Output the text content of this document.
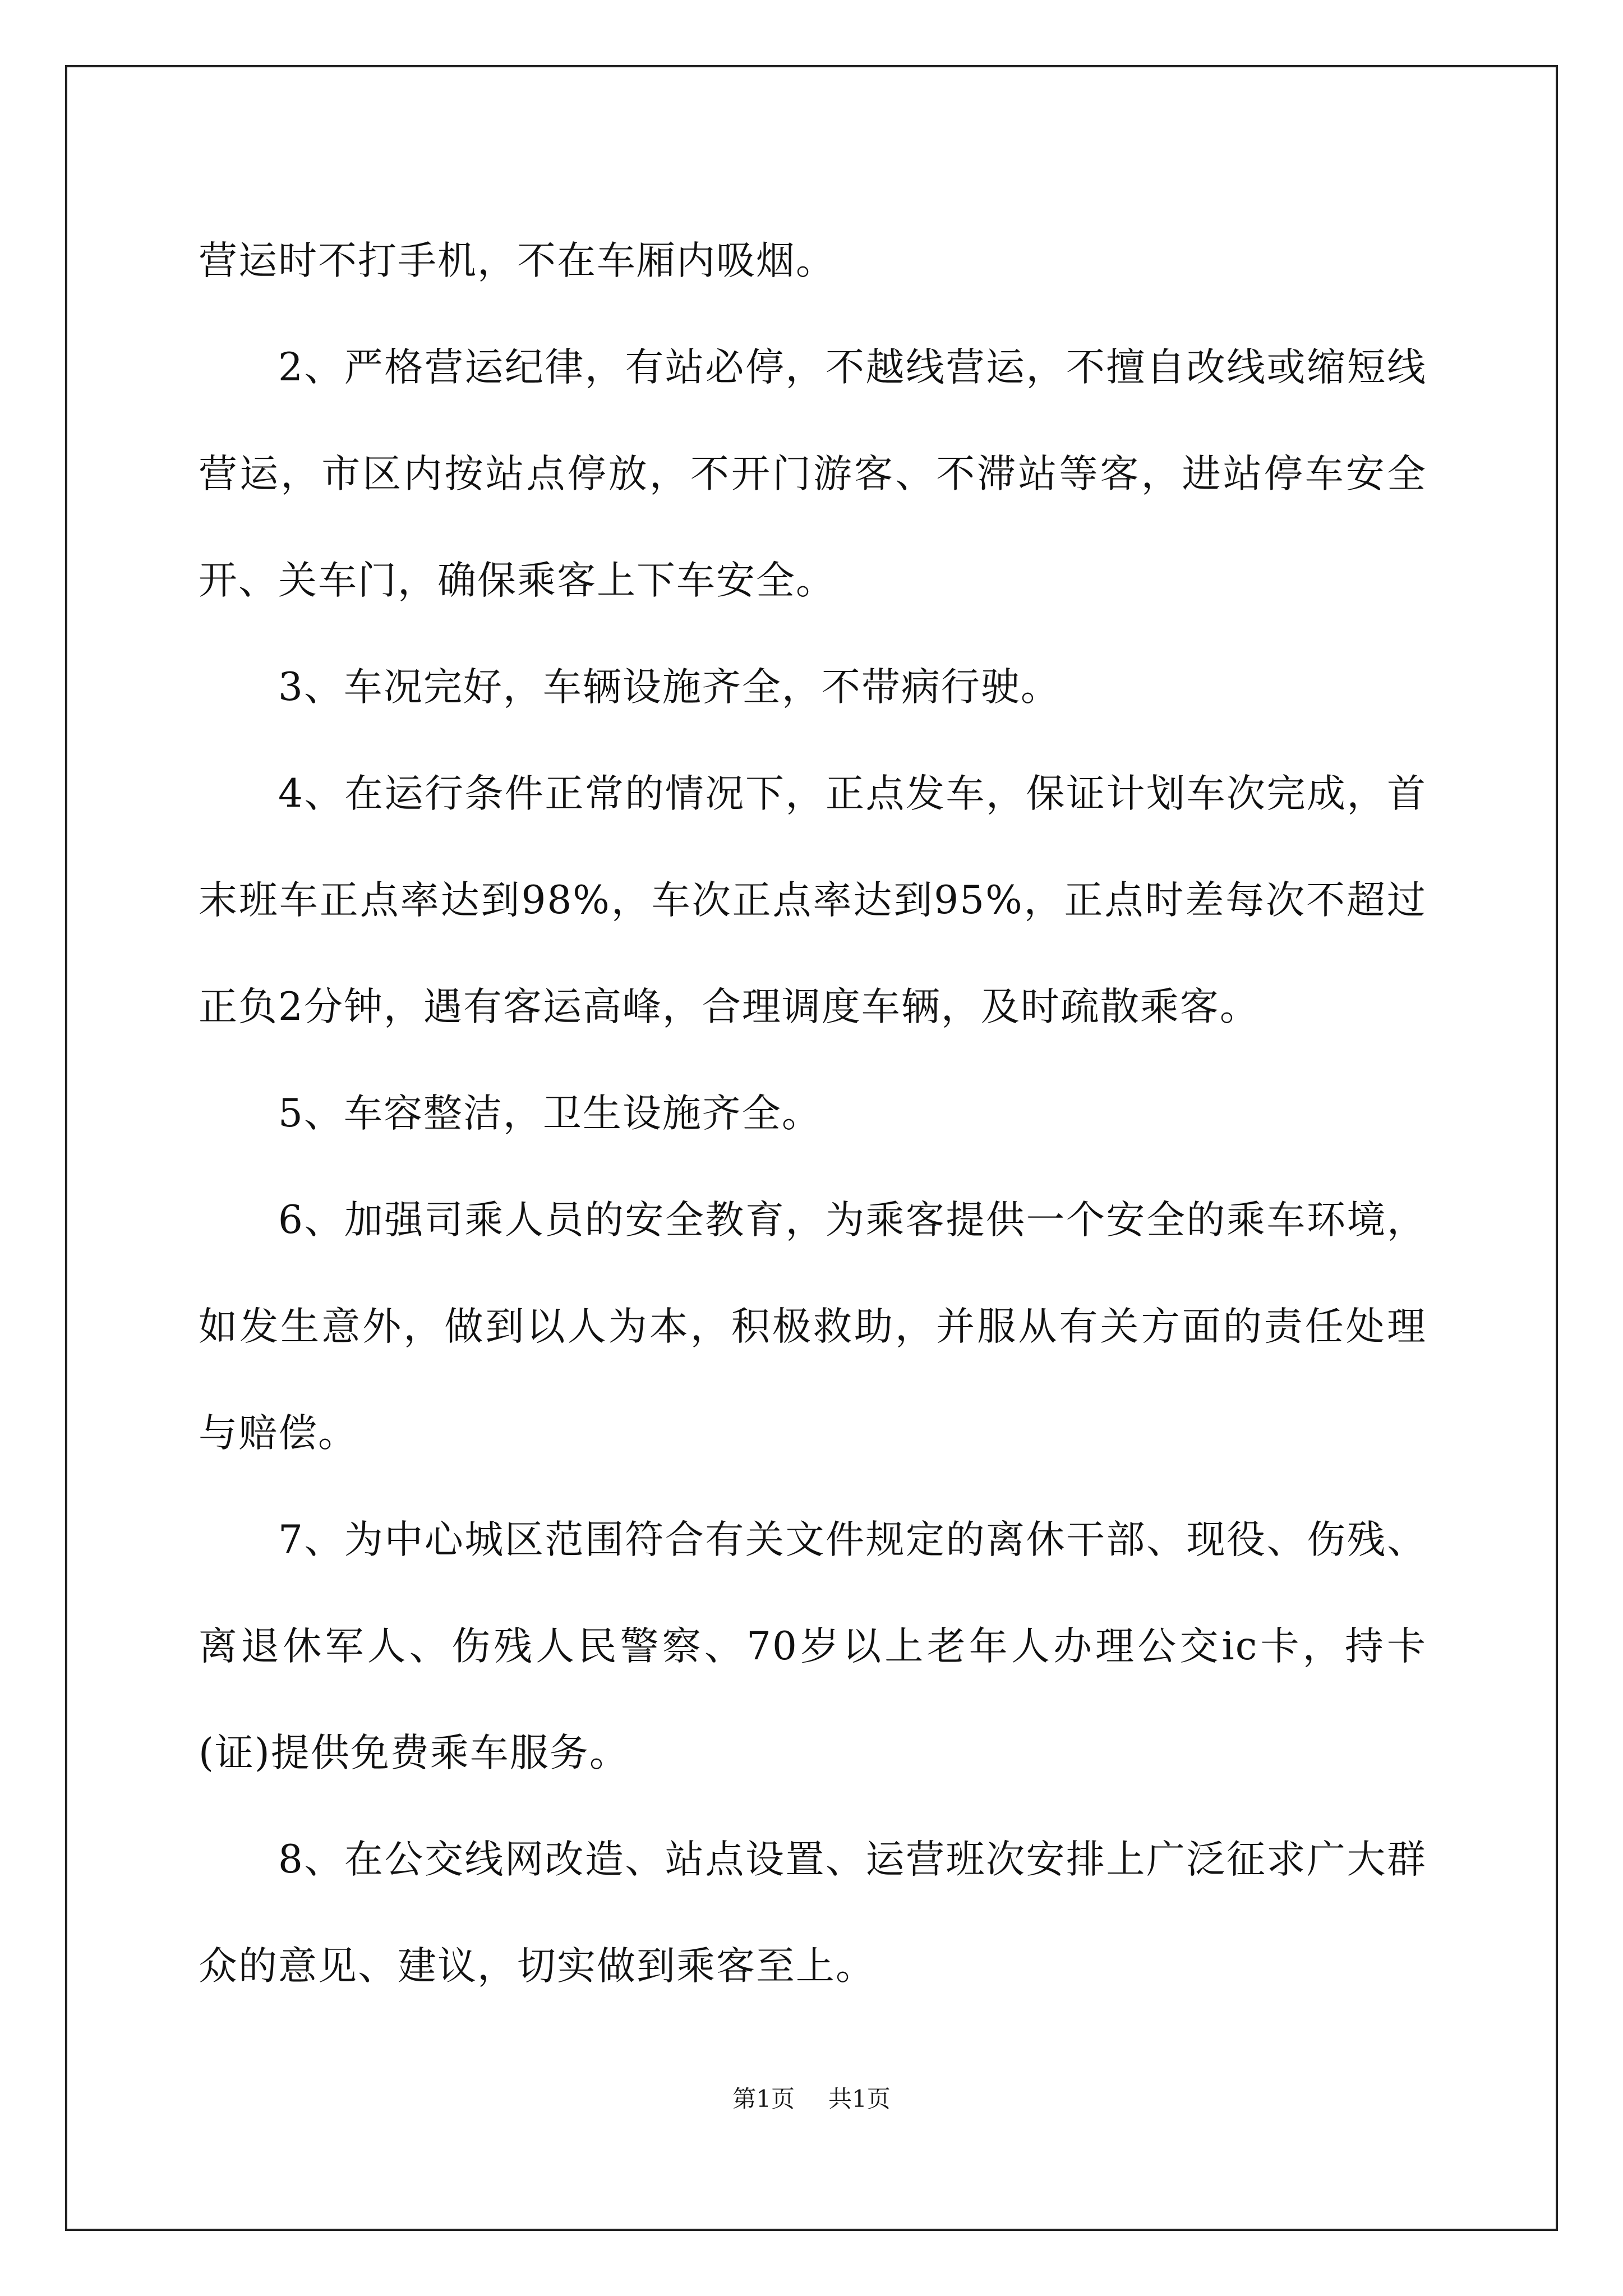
营运时不打手机，不在车厢内吸烟。

2、严格营运纪律，有站必停，不越线营运，不擅自改线或缩短线营运，市区内按站点停放，不开门游客、不滞站等客，进站停车安全开、关车门，确保乘客上下车安全。

3、车况完好，车辆设施齐全，不带病行驶。

4、在运行条件正常的情况下，正点发车，保证计划车次完成，首末班车正点率达到98%，车次正点率达到95%，正点时差每次不超过正负2分钟，遇有客运高峰，合理调度车辆，及时疏散乘客。

5、车容整洁，卫生设施齐全。

6、加强司乘人员的安全教育，为乘客提供一个安全的乘车环境，如发生意外，做到以人为本，积极救助，并服从有关方面的责任处理与赔偿。

7、为中心城区范围符合有关文件规定的离休干部、现役、伤残、离退休军人、伤残人民警察、70岁以上老年人办理公交ic卡，持卡(证)提供免费乘车服务。

8、在公交线网改造、站点设置、运营班次安排上广泛征求广大群众的意见、建议，切实做到乘客至上。

第1页 共1页
